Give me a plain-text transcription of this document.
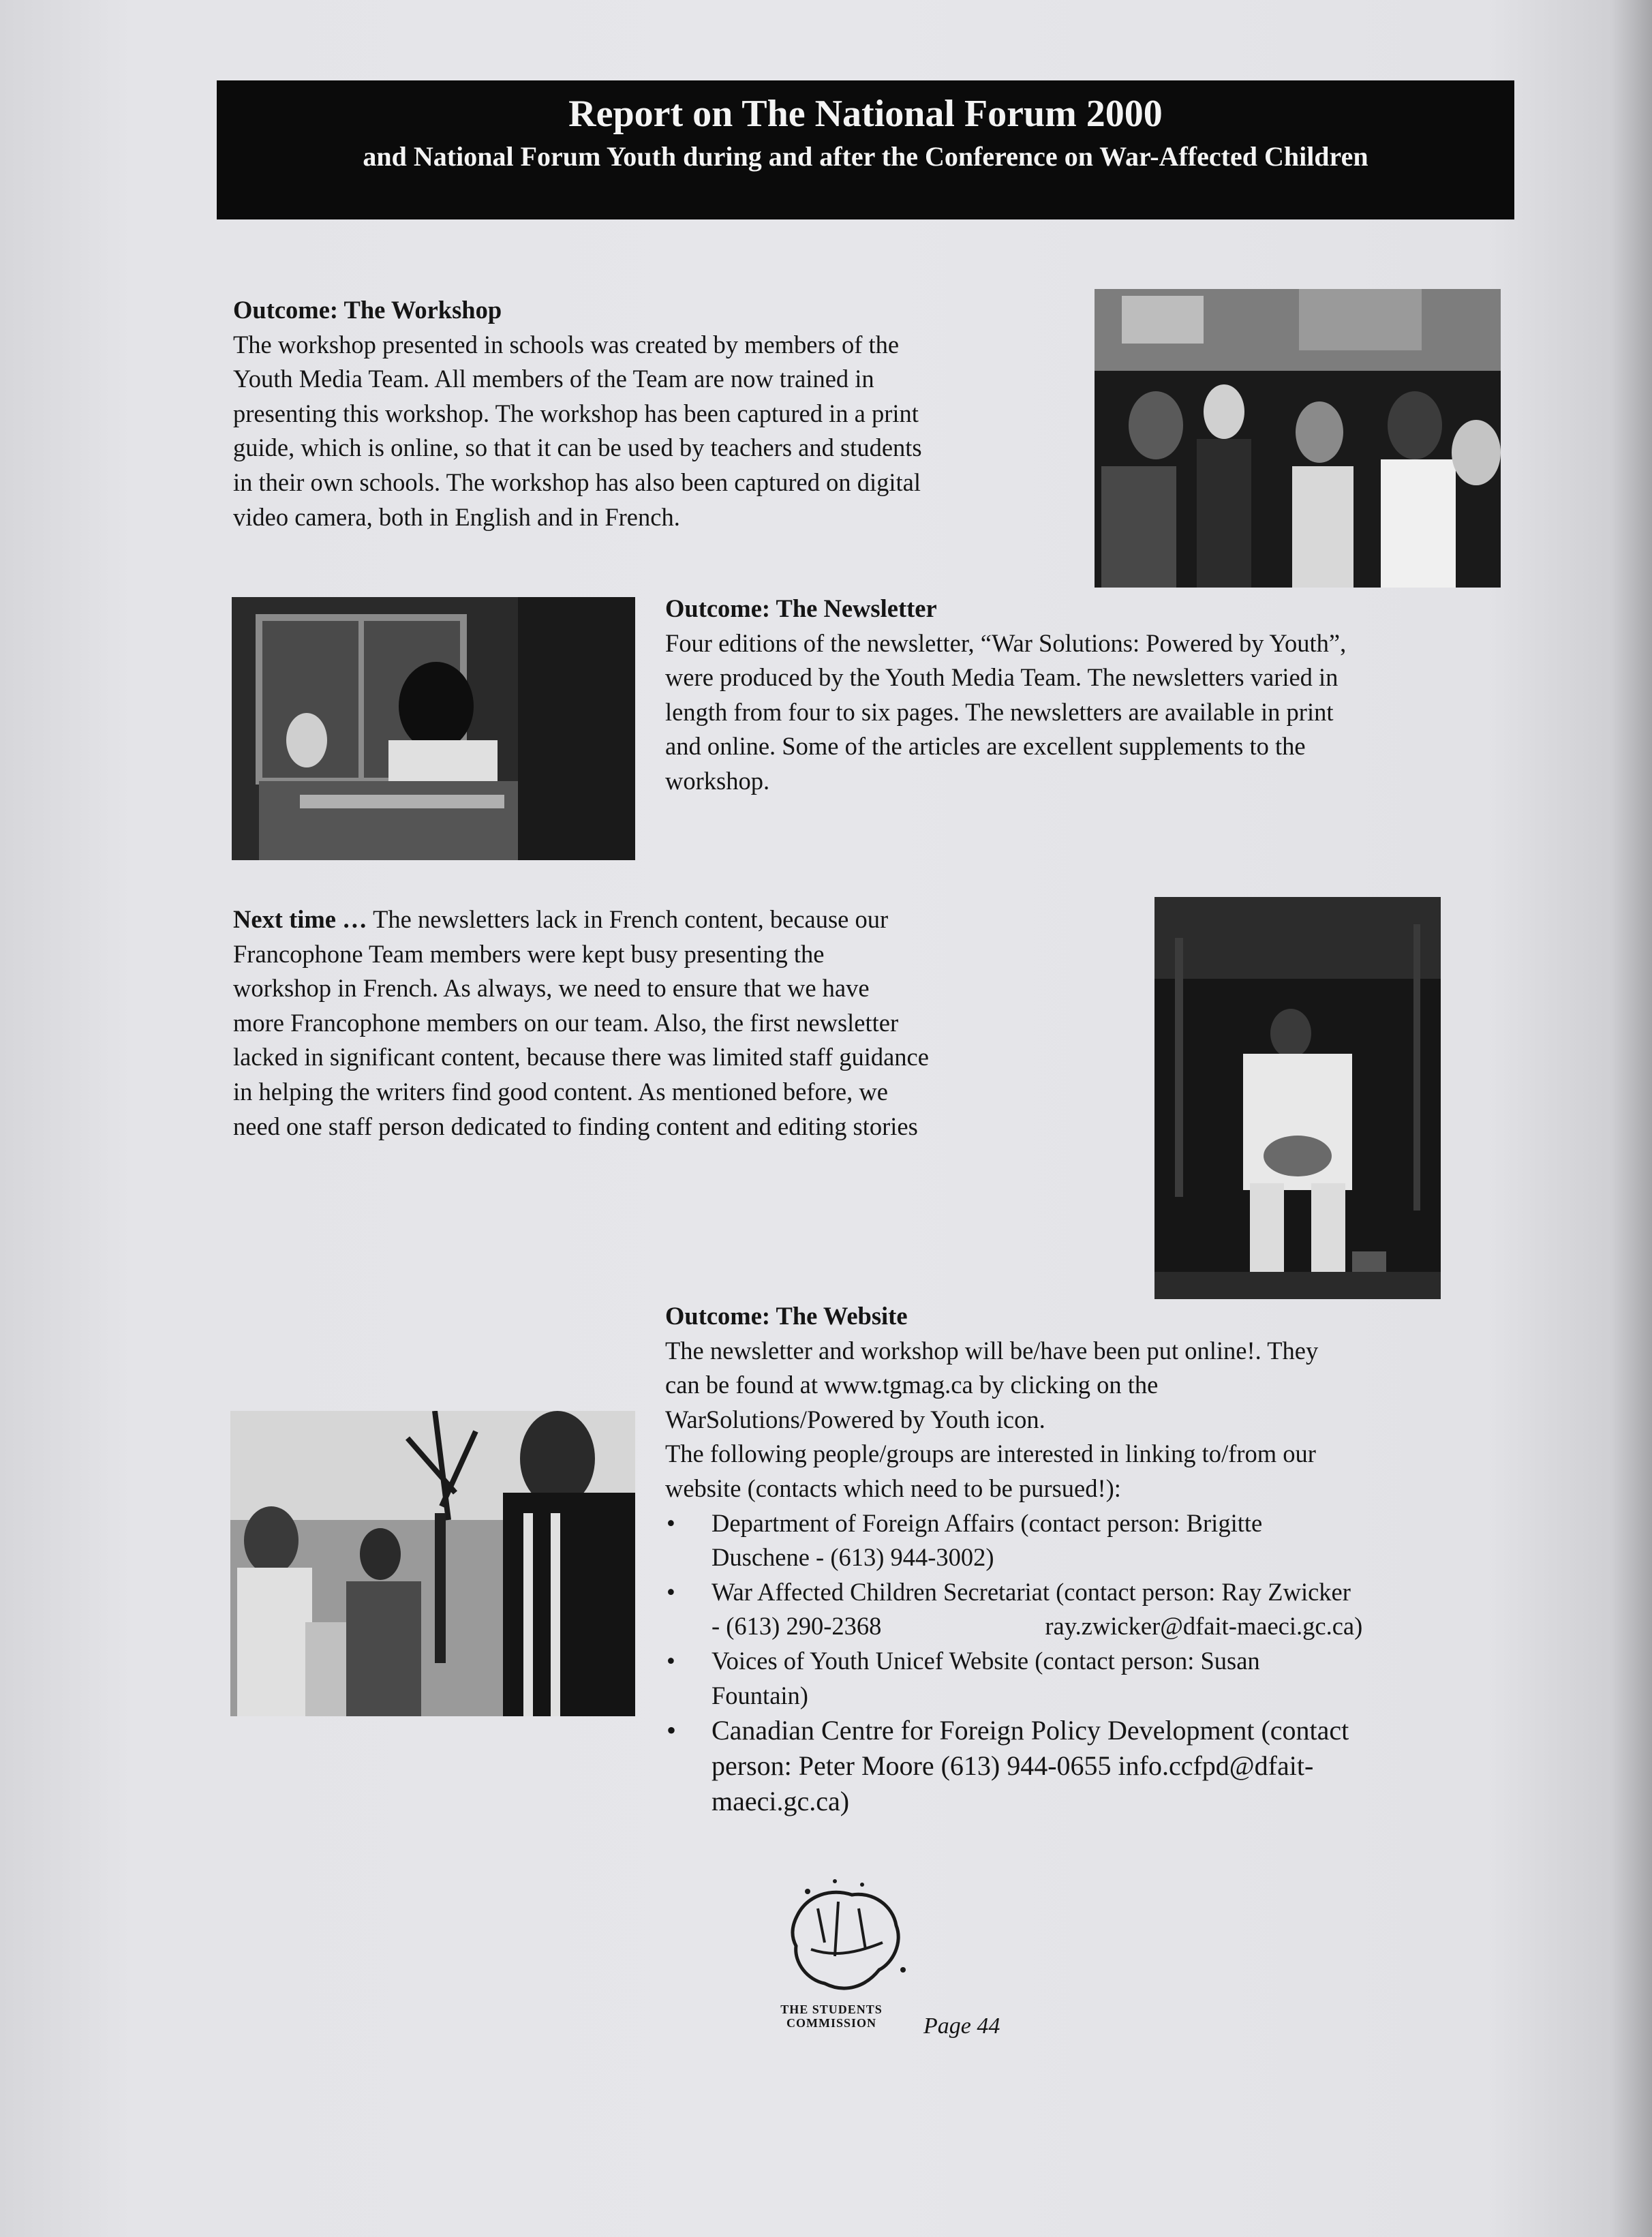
Report on The National Forum 2000
and National Forum Youth during and after the Conference on War-Affected Children

Outcome: The Workshop

The workshop presented in schools was created by members of the

Youth Media Team. All members of the Team are now trained in

presenting this workshop. The workshop has been captured in a print

guide, which is online, so that it can be used by teachers and students

in their own schools. The workshop has also been captured on digital

video camera, both in English and in French.

Outcome: The Newsletter

Four editions of the newsletter, “War Solutions: Powered by Youth”,

were produced by the Youth Media Team. The newsletters varied in

length from four to six pages. The newsletters are available in print

and online. Some of the articles are excellent supplements to the

workshop.

Next time … The newsletters lack in French content, because our

Francophone Team members were kept busy presenting the

workshop in French. As always, we need to ensure that we have

more Francophone members on our team. Also, the first newsletter

lacked in significant content, because there was limited staff guidance

in helping the writers find good content. As mentioned before, we

need one staff person dedicated to finding content and editing stories

Outcome: The Website

The newsletter and workshop will be/have been put online!. They

can be found at www.tgmag.ca by clicking on the

WarSolutions/Powered by Youth icon.

The following people/groups are interested in linking to/from our

website (contacts which need to be pursued!):

• Department of Foreign Affairs (contact person: Brigitte
Duschene - (613) 944-3002)
• War Affected Children Secretariat (contact person: Ray Zwicker
- (613) 290-2368	ray.zwicker@dfait-maeci.gc.ca)
• Voices of Youth Unicef Website (contact person: Susan
Fountain)
• Canadian Centre for Foreign Policy Development (contact
person: Peter Moore (613) 944-0655 info.ccfpd@dfait-
maeci.gc.ca)
THE STUDENTS
COMMISSION	Page 44
